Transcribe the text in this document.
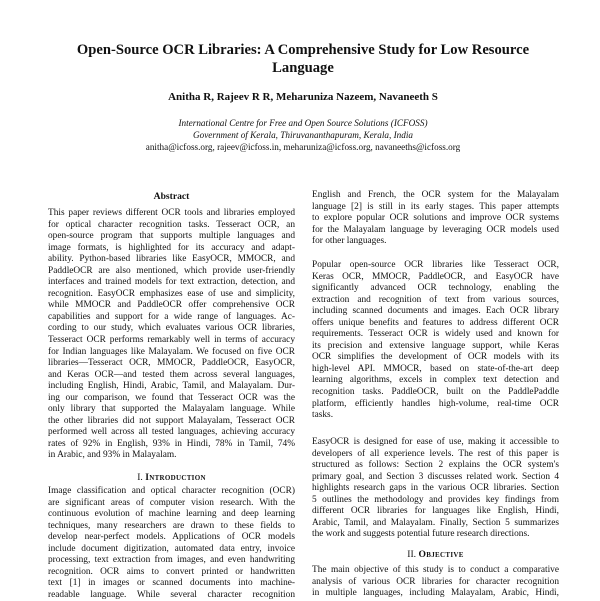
Open-Source OCR Libraries: A Comprehensive Study for Low Resource
Language
Anitha R, Rajeev R R, Meharuniza Nazeem, Navaneeth S
International Centre for Free and Open Source Solutions (ICFOSS)
Government of Kerala, Thiruvananthapuram, Kerala, India
anitha@icfoss.org, rajeev@icfoss.in, meharuniza@icfoss.org, navaneeths@icfoss.org
Abstract
This paper reviews different OCR tools and libraries employed
for optical character recognition tasks. Tesseract OCR, an
open-source program that supports multiple languages and
image formats, is highlighted for its accuracy and adapt-
ability. Python-based libraries like EasyOCR, MMOCR, and
PaddleOCR are also mentioned, which provide user-friendly
interfaces and trained models for text extraction, detection, and
recognition. EasyOCR emphasizes ease of use and simplicity,
while MMOCR and PaddleOCR offer comprehensive OCR
capabilities and support for a wide range of languages. Ac-
cording to our study, which evaluates various OCR libraries,
Tesseract OCR performs remarkably well in terms of accuracy
for Indian languages like Malayalam. We focused on five OCR
libraries—Tesseract OCR, MMOCR, PaddleOCR, EasyOCR,
and Keras OCR—and tested them across several languages,
including English, Hindi, Arabic, Tamil, and Malayalam. Dur-
ing our comparison, we found that Tesseract OCR was the
only library that supported the Malayalam language. While
the other libraries did not support Malayalam, Tesseract OCR
performed well across all tested languages, achieving accuracy
rates of 92% in English, 93% in Hindi, 78% in Tamil, 74%
in Arabic, and 93% in Malayalam.
I. Introduction
Image classification and optical character recognition (OCR)
are significant areas of computer vision research. With the
continuous evolution of machine learning and deep learning
techniques, many researchers are drawn to these fields to
develop near-perfect models. Applications of OCR models
include document digitization, automated data entry, invoice
processing, text extraction from images, and even handwriting
recognition. OCR aims to convert printed or handwritten
text [1] in images or scanned documents into machine-
readable language. While several character recognition
English and French, the OCR system for the Malayalam
language [2] is still in its early stages. This paper attempts
to explore popular OCR solutions and improve OCR systems
for the Malayalam language by leveraging OCR models used
for other languages.
Popular open-source OCR libraries like Tesseract OCR,
Keras OCR, MMOCR, PaddleOCR, and EasyOCR have
significantly advanced OCR technology, enabling the
extraction and recognition of text from various sources,
including scanned documents and images. Each OCR library
offers unique benefits and features to address different OCR
requirements. Tesseract OCR is widely used and known for
its precision and extensive language support, while Keras
OCR simplifies the development of OCR models with its
high-level API. MMOCR, based on state-of-the-art deep
learning algorithms, excels in complex text detection and
recognition tasks. PaddleOCR, built on the PaddlePaddle
platform, efficiently handles high-volume, real-time OCR
tasks.
EasyOCR is designed for ease of use, making it accessible to
developers of all experience levels. The rest of this paper is
structured as follows: Section 2 explains the OCR system's
primary goal, and Section 3 discusses related work. Section 4
highlights research gaps in the various OCR libraries. Section
5 outlines the methodology and provides key findings from
different OCR libraries for languages like English, Hindi,
Arabic, Tamil, and Malayalam. Finally, Section 5 summarizes
the work and suggests potential future research directions.
II. Objective
The main objective of this study is to conduct a comparative
analysis of various OCR libraries for character recognition
in multiple languages, including Malayalam, Arabic, Hindi,
